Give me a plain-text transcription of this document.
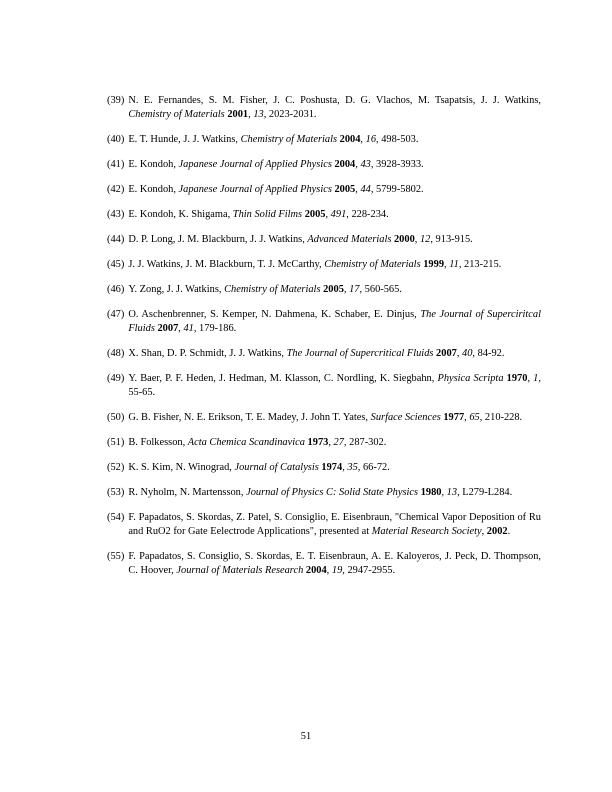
(39) N. E. Fernandes, S. M. Fisher, J. C. Poshusta, D. G. Vlachos, M. Tsapatsis, J. J. Watkins, Chemistry of Materials 2001, 13, 2023-2031.
(40) E. T. Hunde, J. J. Watkins, Chemistry of Materials 2004, 16, 498-503.
(41) E. Kondoh, Japanese Journal of Applied Physics 2004, 43, 3928-3933.
(42) E. Kondoh, Japanese Journal of Applied Physics 2005, 44, 5799-5802.
(43) E. Kondoh, K. Shigama, Thin Solid Films 2005, 491, 228-234.
(44) D. P. Long, J. M. Blackburn, J. J. Watkins, Advanced Materials 2000, 12, 913-915.
(45) J. J. Watkins, J. M. Blackburn, T. J. McCarthy, Chemistry of Materials 1999, 11, 213-215.
(46) Y. Zong, J. J. Watkins, Chemistry of Materials 2005, 17, 560-565.
(47) O. Aschenbrenner, S. Kemper, N. Dahmena, K. Schaber, E. Dinjus, The Journal of Superciritcal Fluids 2007, 41, 179-186.
(48) X. Shan, D. P. Schmidt, J. J. Watkins, The Journal of Supercritical Fluids 2007, 40, 84-92.
(49) Y. Baer, P. F. Heden, J. Hedman, M. Klasson, C. Nordling, K. Siegbahn, Physica Scripta 1970, 1, 55-65.
(50) G. B. Fisher, N. E. Erikson, T. E. Madey, J. John T. Yates, Surface Sciences 1977, 65, 210-228.
(51) B. Folkesson, Acta Chemica Scandinavica 1973, 27, 287-302.
(52) K. S. Kim, N. Winograd, Journal of Catalysis 1974, 35, 66-72.
(53) R. Nyholm, N. Martensson, Journal of Physics C: Solid State Physics 1980, 13, L279-L284.
(54) F. Papadatos, S. Skordas, Z. Patel, S. Consiglio, E. Eisenbraun, "Chemical Vapor Deposition of Ru and RuO2 for Gate Eelectrode Applications", presented at Material Research Society, 2002.
(55) F. Papadatos, S. Consiglio, S. Skordas, E. T. Eisenbraun, A. E. Kaloyeros, J. Peck, D. Thompson, C. Hoover, Journal of Materials Research 2004, 19, 2947-2955.
51
